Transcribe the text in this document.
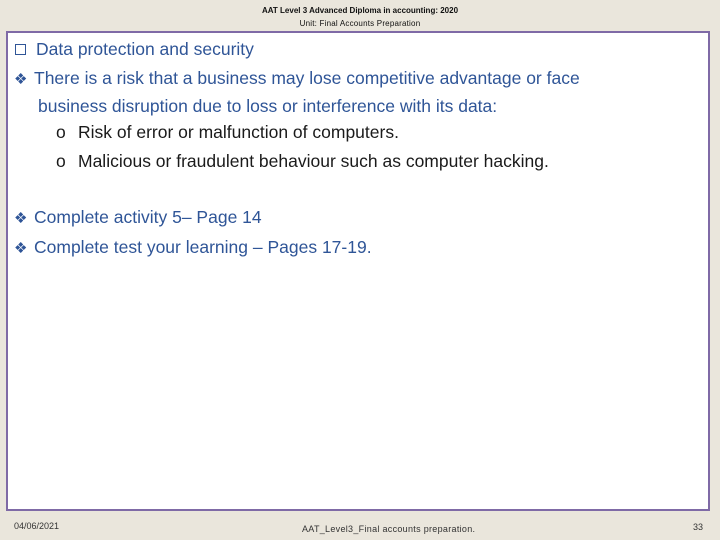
AAT Level 3 Advanced Diploma in accounting: 2020
Unit: Final Accounts Preparation
Data protection and security
❖ There is a risk that a business may lose competitive advantage or face
business disruption due to loss or interference with its data:
o Risk of error or malfunction of computers.
o Malicious or fraudulent behaviour such as computer hacking.
❖ Complete activity 5– Page 14
❖ Complete test your learning – Pages 17-19.
04/06/2021	AAT_Level3_Final accounts preparation.	33
